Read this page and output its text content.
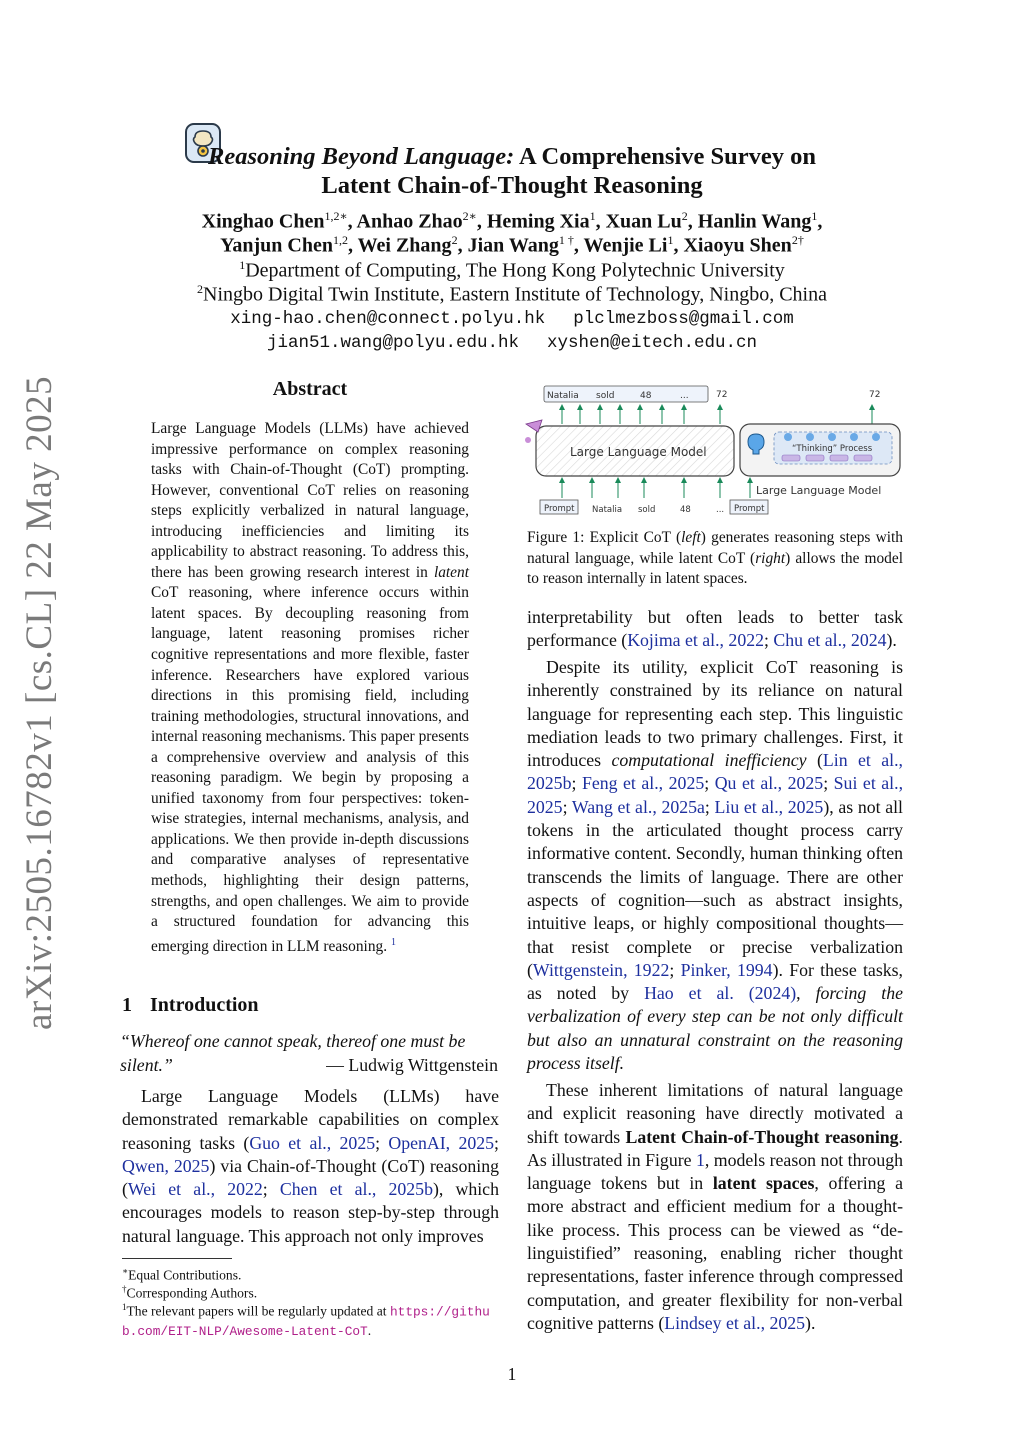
arXiv:2505.16782v1 [cs.CL] 22 May 2025
Reasoning Beyond Language: A Comprehensive Survey on
Latent Chain-of-Thought Reasoning
Xinghao Chen$^{1,2∗}$, Anhao Zhao$^{2∗}$, Heming Xia$^1$, Xuan Lu$^2$, Hanlin Wang$^1$,
Yanjun Chen$^{1,2}$, Wei Zhang$^2$, Jian Wang$^{1 \dagger}$, Wenjie Li$^1$, Xiaoyu Shen$^{2\dagger}$
$^1$Department of Computing, The Hong Kong Polytechnic University
$^2$Ningbo Digital Twin Institute, Eastern Institute of Technology, Ningbo, China
xing-hao.chen@connect.polyu.hk plclmezboss@gmail.com
jian51.wang@polyu.edu.hk xyshen@eitech.edu.cn
Abstract
Large Language Models (LLMs) have achieved impressive performance on complex reasoning tasks with Chain-of-Thought (CoT) prompting. However, conventional CoT relies on reasoning steps explicitly verbalized in natural language, introducing inefficiencies and limiting its applicability to abstract reasoning. To address this, there has been growing research interest in latent CoT reasoning, where inference occurs within latent spaces. By decoupling reasoning from language, latent reasoning promises richer cognitive representations and more flexible, faster inference. Researchers have explored various directions in this promising field, including training methodologies, structural innovations, and internal reasoning mechanisms. This paper presents a comprehensive overview and analysis of this reasoning paradigm. We begin by proposing a unified taxonomy from four perspectives: token-wise strategies, internal mechanisms, analysis, and applications. We then provide in-depth discussions and comparative analyses of representative methods, highlighting their design patterns, strengths, and open challenges. We aim to provide a structured foundation for advancing this emerging direction in LLM reasoning. $^1$
1 Introduction
“Whereof one cannot speak, thereof one must be silent.”	— Ludwig Wittgenstein
Large Language Models (LLMs) have demonstrated remarkable capabilities on complex reasoning tasks (Guo et al., 2025; OpenAI, 2025; Qwen, 2025) via Chain-of-Thought (CoT) reasoning (Wei et al., 2022; Chen et al., 2025b), which encourages models to reason step-by-step through natural language. This approach not only improves
∗Equal Contributions.
†Corresponding Authors.
$^1$The relevant papers will be regularly updated at https://github.com/EIT-NLP/Awesome-Latent-CoT.
Natalia sold	48	...	72	72
Large Language Model	“Thinking” Process
Large Language Model
Prompt Natalia sold	48	... Prompt
Figure 1: Explicit CoT (left) generates reasoning steps with natural language, while latent CoT (right) allows the model to reason internally in latent spaces.
interpretability but often leads to better task performance (Kojima et al., 2022; Chu et al., 2024).
Despite its utility, explicit CoT reasoning is inherently constrained by its reliance on natural language for representing each step. This linguistic mediation leads to two primary challenges. First, it introduces computational inefficiency (Lin et al., 2025b; Feng et al., 2025; Qu et al., 2025; Sui et al., 2025; Wang et al., 2025a; Liu et al., 2025), as not all tokens in the articulated thought process carry informative content. Secondly, human thinking often transcends the limits of language. There are other aspects of cognition—such as abstract insights, intuitive leaps, or highly compositional thoughts—that resist complete or precise verbalization (Wittgenstein, 1922; Pinker, 1994). For these tasks, as noted by Hao et al. (2024), forcing the verbalization of every step can be not only difficult but also an unnatural constraint on the reasoning process itself.
These inherent limitations of natural language and explicit reasoning have directly motivated a shift towards Latent Chain-of-Thought reasoning. As illustrated in Figure 1, models reason not through language tokens but in latent spaces, offering a more abstract and efficient medium for a thought-like process. This process can be viewed as “de-linguistified” reasoning, enabling richer thought representations, faster inference through compressed computation, and greater flexibility for non-verbal cognitive patterns (Lindsey et al., 2025).
1
